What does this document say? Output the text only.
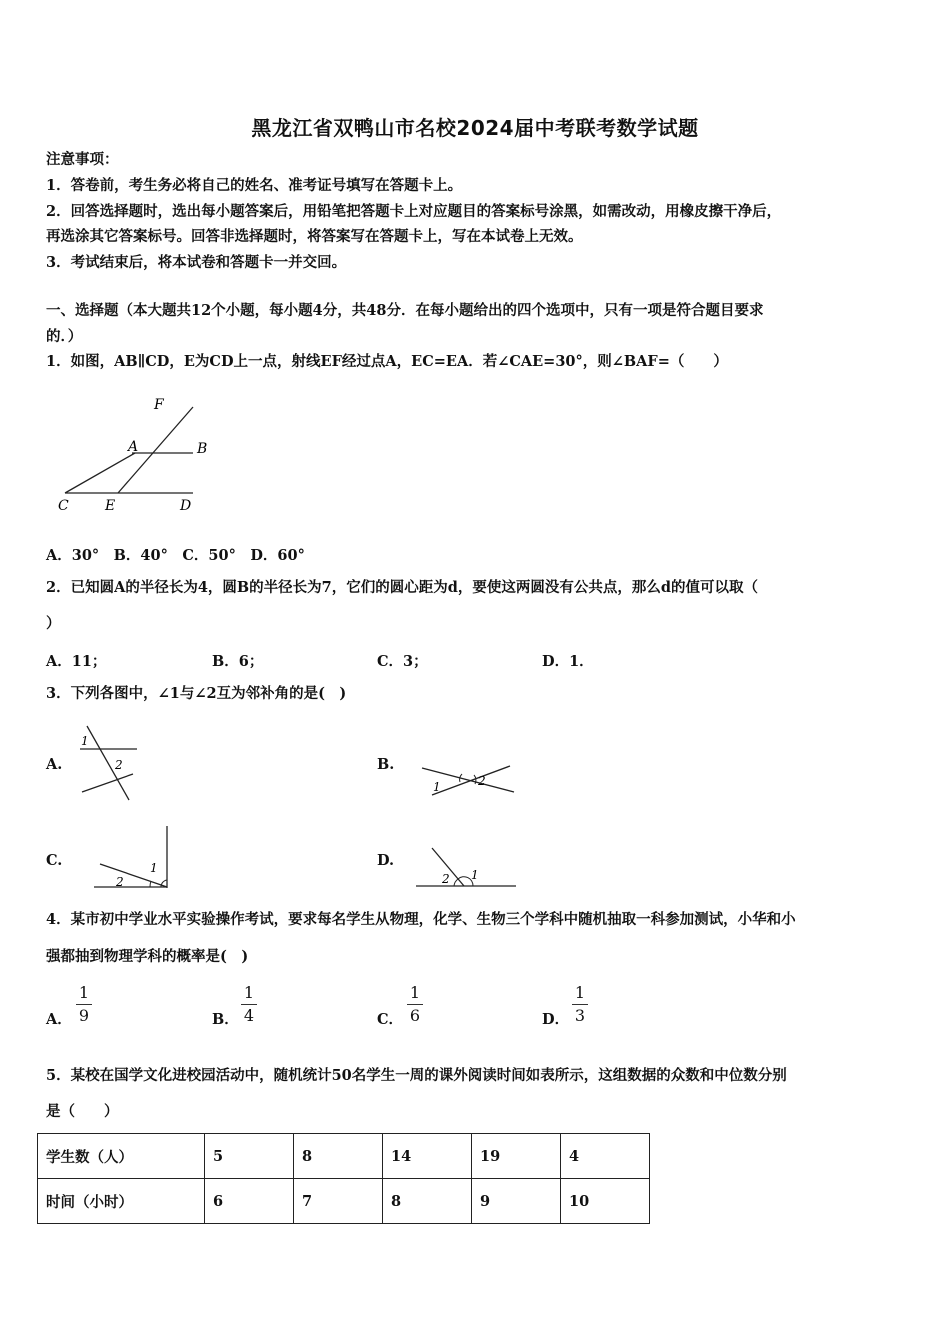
黑龙江省双鸭山市名校2024届中考联考数学试题
注意事项：
1．答卷前，考生务必将自己的姓名、准考证号填写在答题卡上。
2．回答选择题时，选出每小题答案后，用铅笔把答题卡上对应题目的答案标号涂黑，如需改动，用橡皮擦干净后，
再选涂其它答案标号。回答非选择题时，将答案写在答题卡上，写在本试卷上无效。
3．考试结束后，将本试卷和答题卡一并交回。
一、选择题（本大题共12个小题，每小题4分，共48分．在每小题给出的四个选项中，只有一项是符合题目要求
的．）
1．如图，AB∥CD，E为CD上一点，射线EF经过点A，EC=EA．若∠CAE=30°，则∠BAF=（　　）
F
A	B
C	E	D
A．30°　B．40°　C．50°　D．60°
2．已知圆A的半径长为4，圆B的半径长为7，它们的圆心距为d，要使这两圆没有公共点，那么d的值可以取（
）
A．11；	B．6；	C．3；	D．1．
3．下列各图中，∠1与∠2互为邻补角的是(　)
A.
1
2	B.
1	2
C.	1
2
D.
2 1
4．某市初中学业水平实验操作考试，要求每名学生从物理，化学、生物三个学科中随机抽取一科参加测试，小华和小
强都抽到物理学科的概率是(　)
A．
1
9	B．
1
4	C．
1
6	D．
1
3
5．某校在国学文化进校园活动中，随机统计50名学生一周的课外阅读时间如表所示，这组数据的众数和中位数分别
是（　　）
学生数（人）	5	8	14	19	4
时间（小时）	6	7	8	9	10
